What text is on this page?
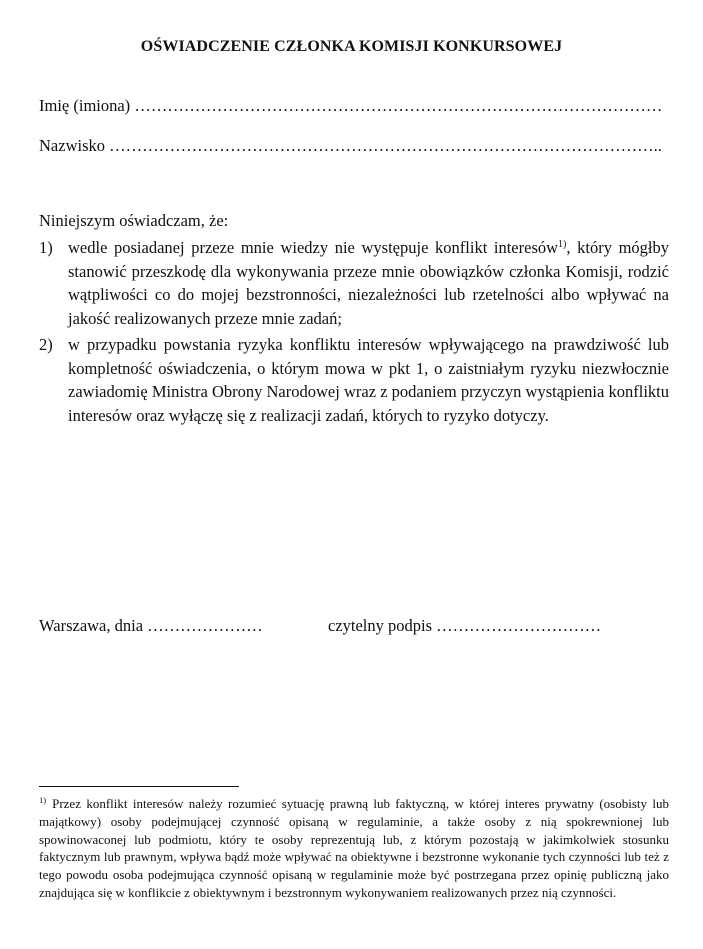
OŚWIADCZENIE CZŁONKA KOMISJI KONKURSOWEJ
Imię (imiona) ……………………………………………………………………………………
Nazwisko ………………………………………………………………………………………..
Niniejszym oświadczam, że:
1) wedle posiadanej przeze mnie wiedzy nie występuje konflikt interesów$^{1)}$, który mógłby stanowić przeszkodę dla wykonywania przeze mnie obowiązków członka Komisji, rodzić wątpliwości co do mojej bezstronności, niezależności lub rzetelności albo wpływać na jakość realizowanych przeze mnie zadań;
2) w przypadku powstania ryzyka konfliktu interesów wpływającego na prawdziwość lub kompletność oświadczenia, o którym mowa w pkt 1, o zaistniałym ryzyku niezwłocznie zawiadomię Ministra Obrony Narodowej wraz z podaniem przyczyn wystąpienia konfliktu interesów oraz wyłączę się z realizacji zadań, których to ryzyko dotyczy.
Warszawa, dnia …………………	czytelny podpis …………………………
$^{1)}$ Przez konflikt interesów należy rozumieć sytuację prawną lub faktyczną, w której interes prywatny (osobisty lub majątkowy) osoby podejmującej czynność opisaną w regulaminie, a także osoby z nią spokrewnionej lub spowinowaconej lub podmiotu, który te osoby reprezentują lub, z którym pozostają w jakimkolwiek stosunku faktycznym lub prawnym, wpływa bądź może wpływać na obiektywne i bezstronne wykonanie tych czynności lub też z tego powodu osoba podejmująca czynność opisaną w regulaminie może być postrzegana przez opinię publiczną jako znajdująca się w konflikcie z obiektywnym i bezstronnym wykonywaniem realizowanych przez nią czynności.
